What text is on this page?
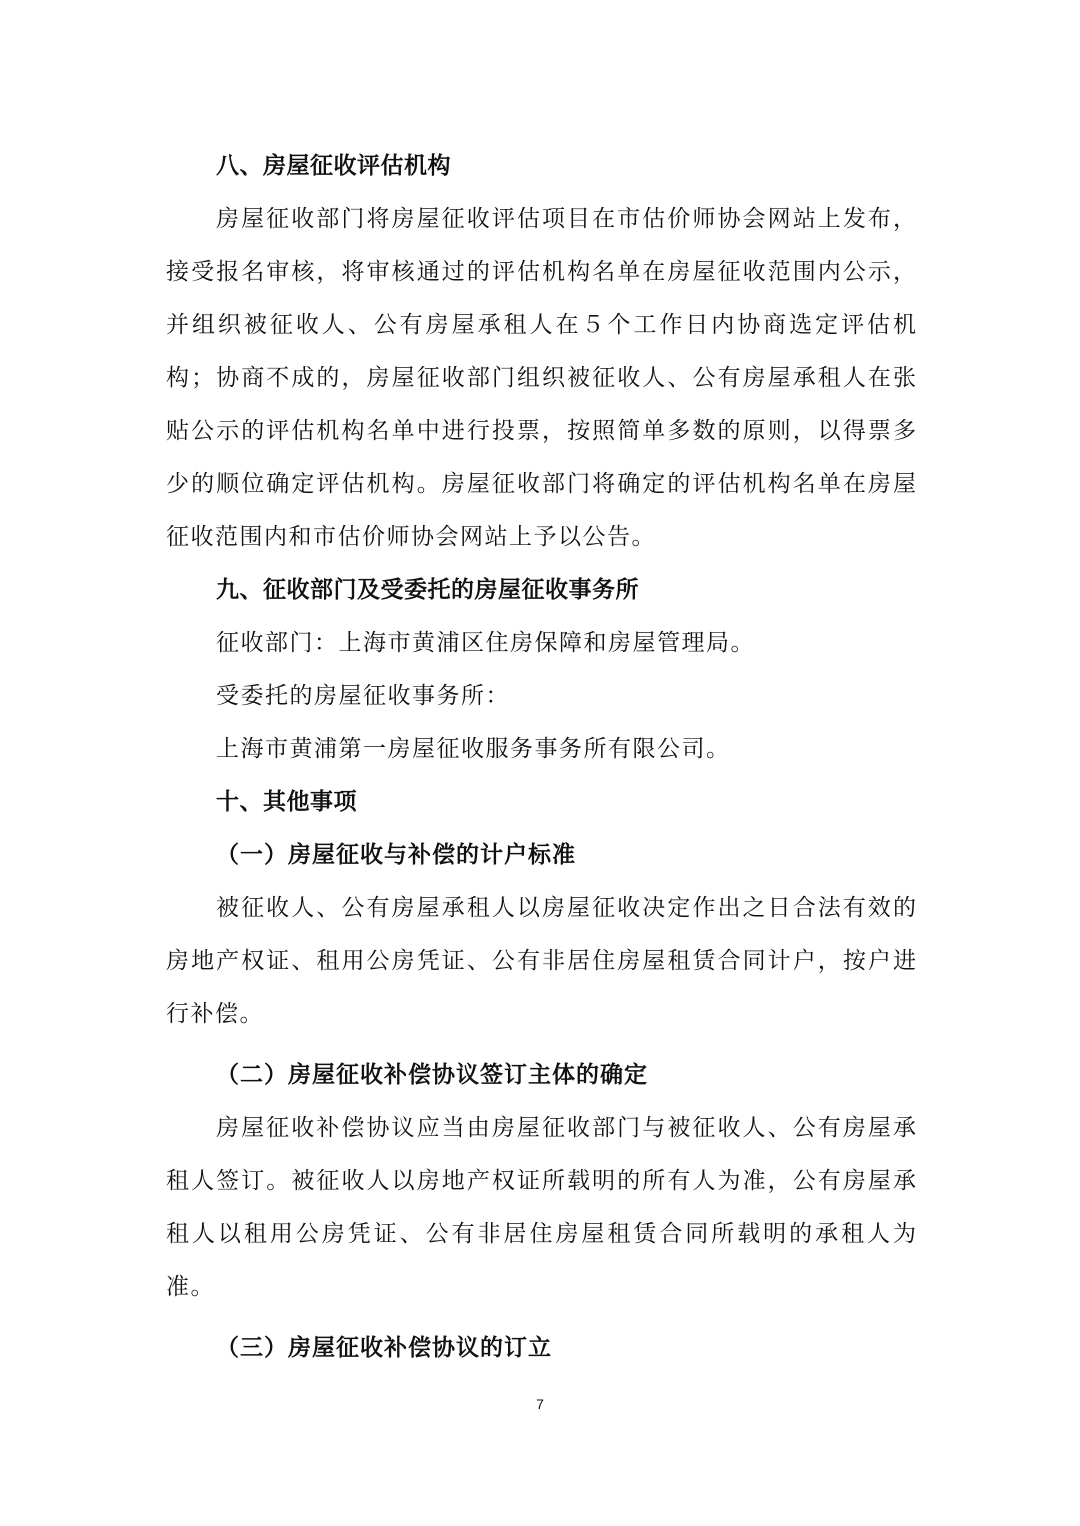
八、房屋征收评估机构
房屋征收部门将房屋征收评估项目在市估价师协会网站上发布，
接受报名审核，将审核通过的评估机构名单在房屋征收范围内公示，
并组织被征收人、公有房屋承租人在５个工作日内协商选定评估机
构；协商不成的，房屋征收部门组织被征收人、公有房屋承租人在张
贴公示的评估机构名单中进行投票，按照简单多数的原则，以得票多
少的顺位确定评估机构。房屋征收部门将确定的评估机构名单在房屋
征收范围内和市估价师协会网站上予以公告。
九、征收部门及受委托的房屋征收事务所
征收部门：上海市黄浦区住房保障和房屋管理局。
受委托的房屋征收事务所：
上海市黄浦第一房屋征收服务事务所有限公司。
十、其他事项
（一）房屋征收与补偿的计户标准
被征收人、公有房屋承租人以房屋征收决定作出之日合法有效的
房地产权证、租用公房凭证、公有非居住房屋租赁合同计户，按户进
行补偿。
（二）房屋征收补偿协议签订主体的确定
房屋征收补偿协议应当由房屋征收部门与被征收人、公有房屋承
租人签订。被征收人以房地产权证所载明的所有人为准，公有房屋承
租人以租用公房凭证、公有非居住房屋租赁合同所载明的承租人为
准。
（三）房屋征收补偿协议的订立
7
